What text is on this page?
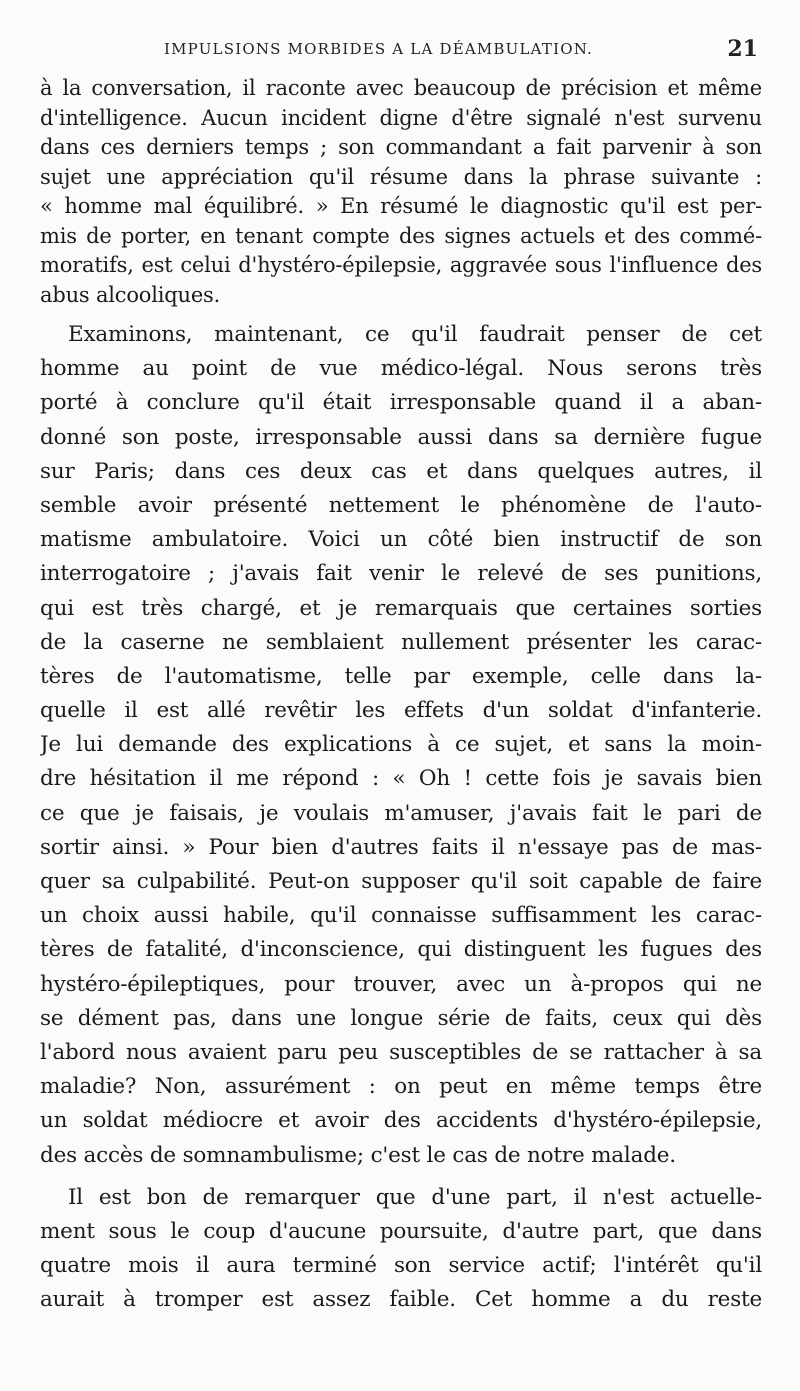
IMPULSIONS MORBIDES A LA DÉAMBULATION.	21
à la conversation, il raconte avec beaucoup de précision et même
d'intelligence. Aucun incident digne d'être signalé n'est survenu
dans ces derniers temps ; son commandant a fait parvenir à son
sujet une appréciation qu'il résume dans la phrase suivante :
« homme mal équilibré. » En résumé le diagnostic qu'il est per-
mis de porter, en tenant compte des signes actuels et des commé-
moratifs, est celui d'hystéro-épilepsie, aggravée sous l'influence des
abus alcooliques.
Examinons, maintenant, ce qu'il faudrait penser de cet
homme au point de vue médico-légal. Nous serons très
porté à conclure qu'il était irresponsable quand il a aban-
donné son poste, irresponsable aussi dans sa dernière fugue
sur Paris; dans ces deux cas et dans quelques autres, il
semble avoir présenté nettement le phénomène de l'auto-
matisme ambulatoire. Voici un côté bien instructif de son
interrogatoire ; j'avais fait venir le relevé de ses punitions,
qui est très chargé, et je remarquais que certaines sorties
de la caserne ne semblaient nullement présenter les carac-
tères de l'automatisme, telle par exemple, celle dans la-
quelle il est allé revêtir les effets d'un soldat d'infanterie.
Je lui demande des explications à ce sujet, et sans la moin-
dre hésitation il me répond : « Oh ! cette fois je savais bien
ce que je faisais, je voulais m'amuser, j'avais fait le pari de
sortir ainsi. » Pour bien d'autres faits il n'essaye pas de mas-
quer sa culpabilité. Peut-on supposer qu'il soit capable de faire
un choix aussi habile, qu'il connaisse suffisamment les carac-
tères de fatalité, d'inconscience, qui distinguent les fugues des
hystéro-épileptiques, pour trouver, avec un à-propos qui ne
se dément pas, dans une longue série de faits, ceux qui dès
l'abord nous avaient paru peu susceptibles de se rattacher à sa
maladie? Non, assurément : on peut en même temps être
un soldat médiocre et avoir des accidents d'hystéro-épilepsie,
des accès de somnambulisme; c'est le cas de notre malade.
Il est bon de remarquer que d'une part, il n'est actuelle-
ment sous le coup d'aucune poursuite, d'autre part, que dans
quatre mois il aura terminé son service actif; l'intérêt qu'il
aurait à tromper est assez faible. Cet homme a du reste
